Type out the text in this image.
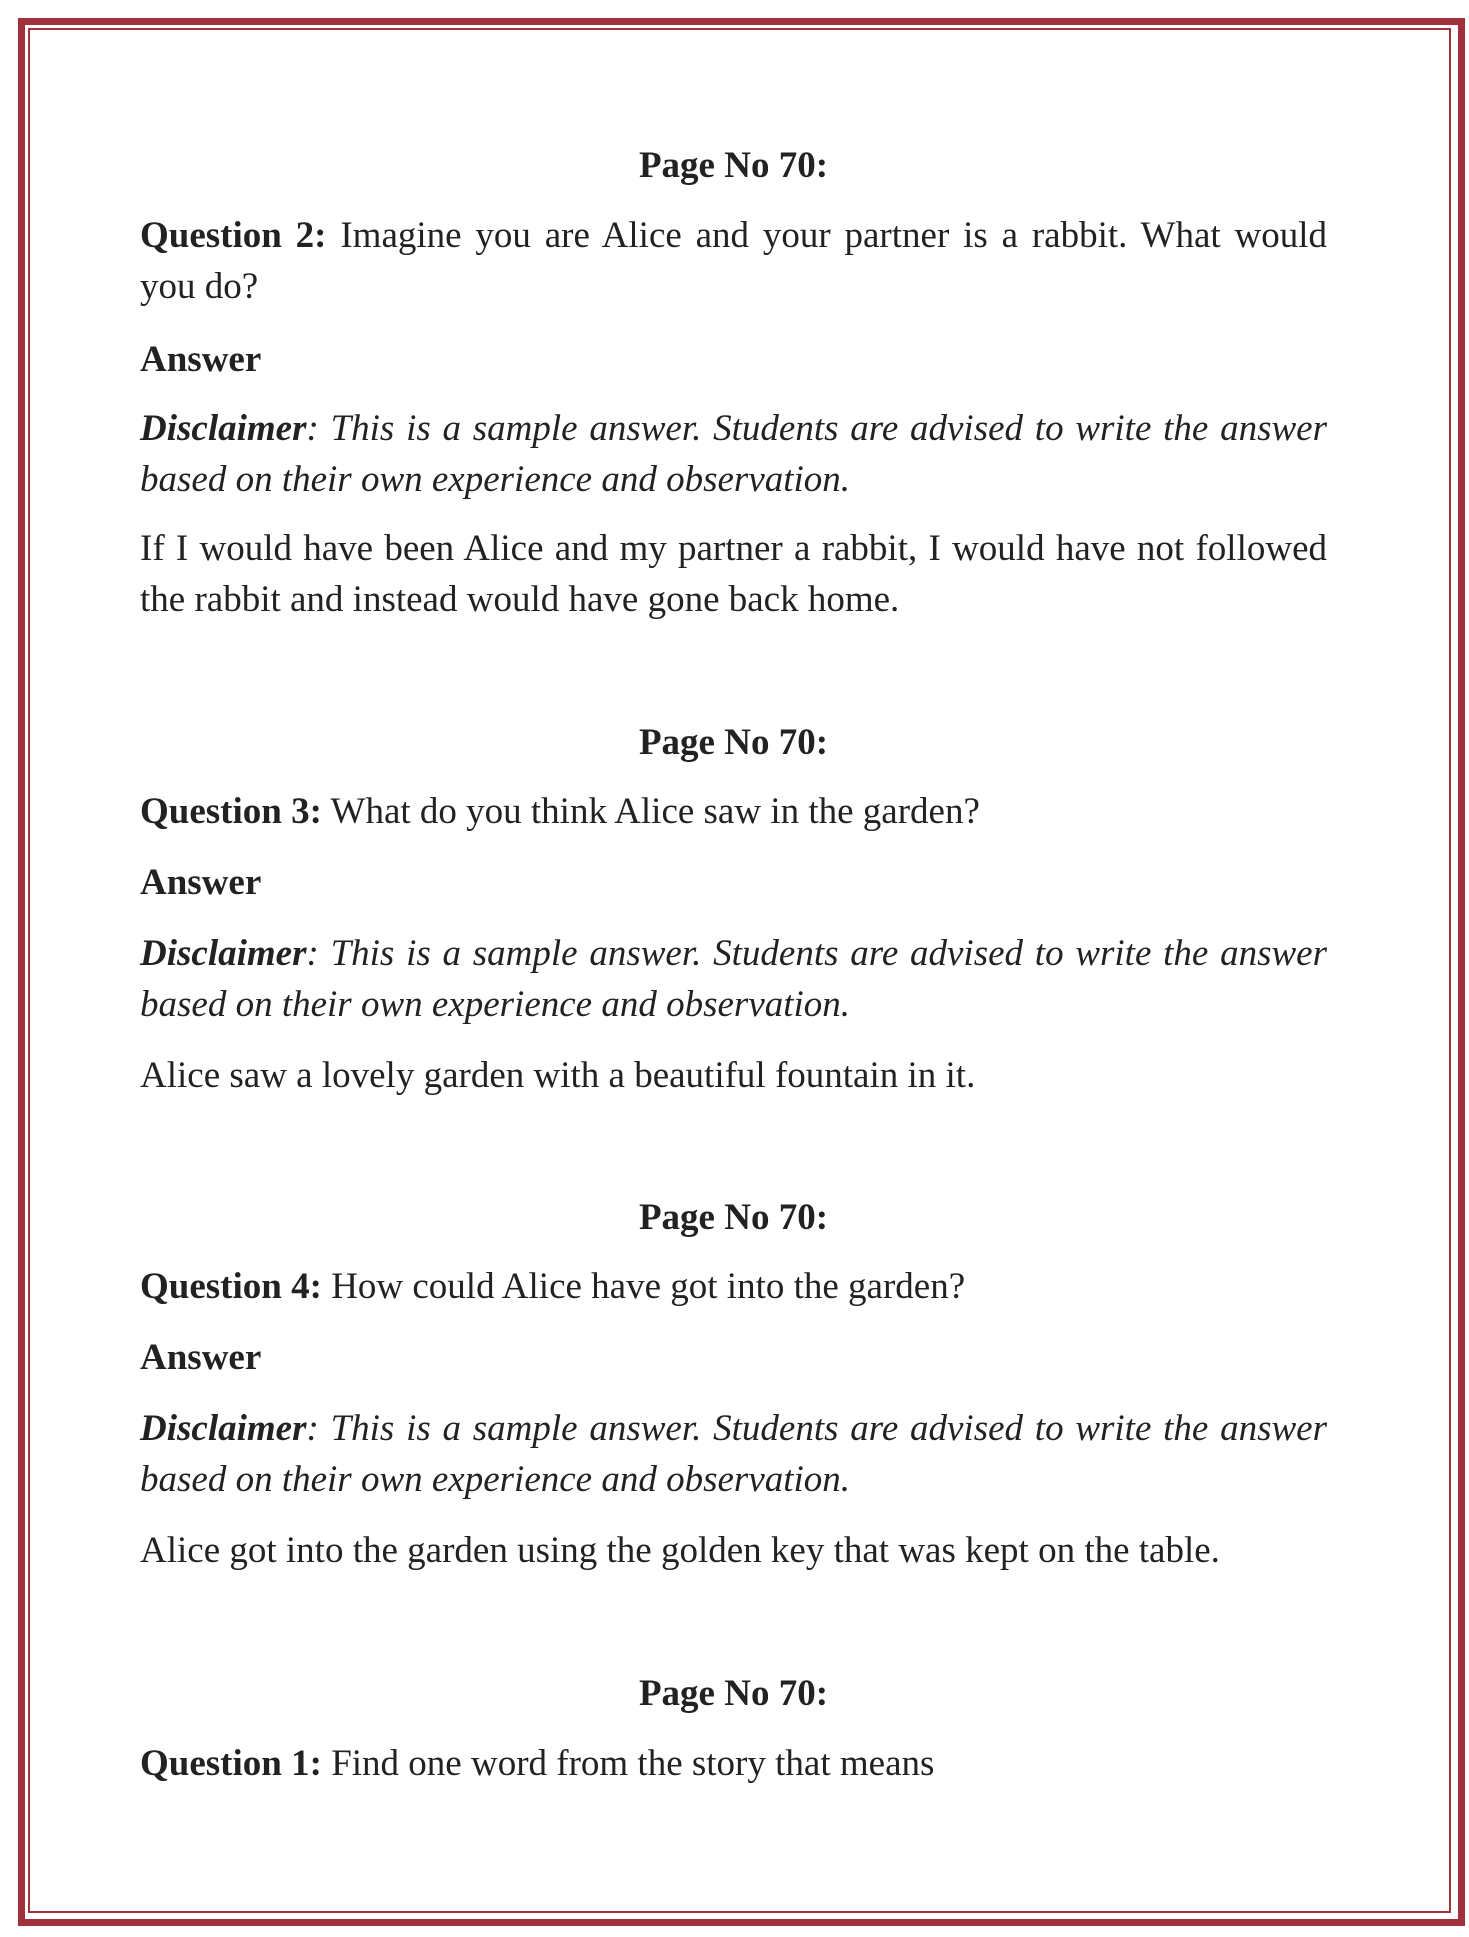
Page No 70:

Question 2: Imagine you are Alice and your partner is a rabbit. What would you do?

Answer

Disclaimer: This is a sample answer. Students are advised to write the answer based on their own experience and observation.

If I would have been Alice and my partner a rabbit, I would have not followed the rabbit and instead would have gone back home.

Page No 70:

Question 3: What do you think Alice saw in the garden?

Answer

Disclaimer: This is a sample answer. Students are advised to write the answer based on their own experience and observation.

Alice saw a lovely garden with a beautiful fountain in it.

Page No 70:

Question 4: How could Alice have got into the garden?

Answer

Disclaimer: This is a sample answer. Students are advised to write the answer based on their own experience and observation.

Alice got into the garden using the golden key that was kept on the table.

Page No 70:

Question 1: Find one word from the story that means
